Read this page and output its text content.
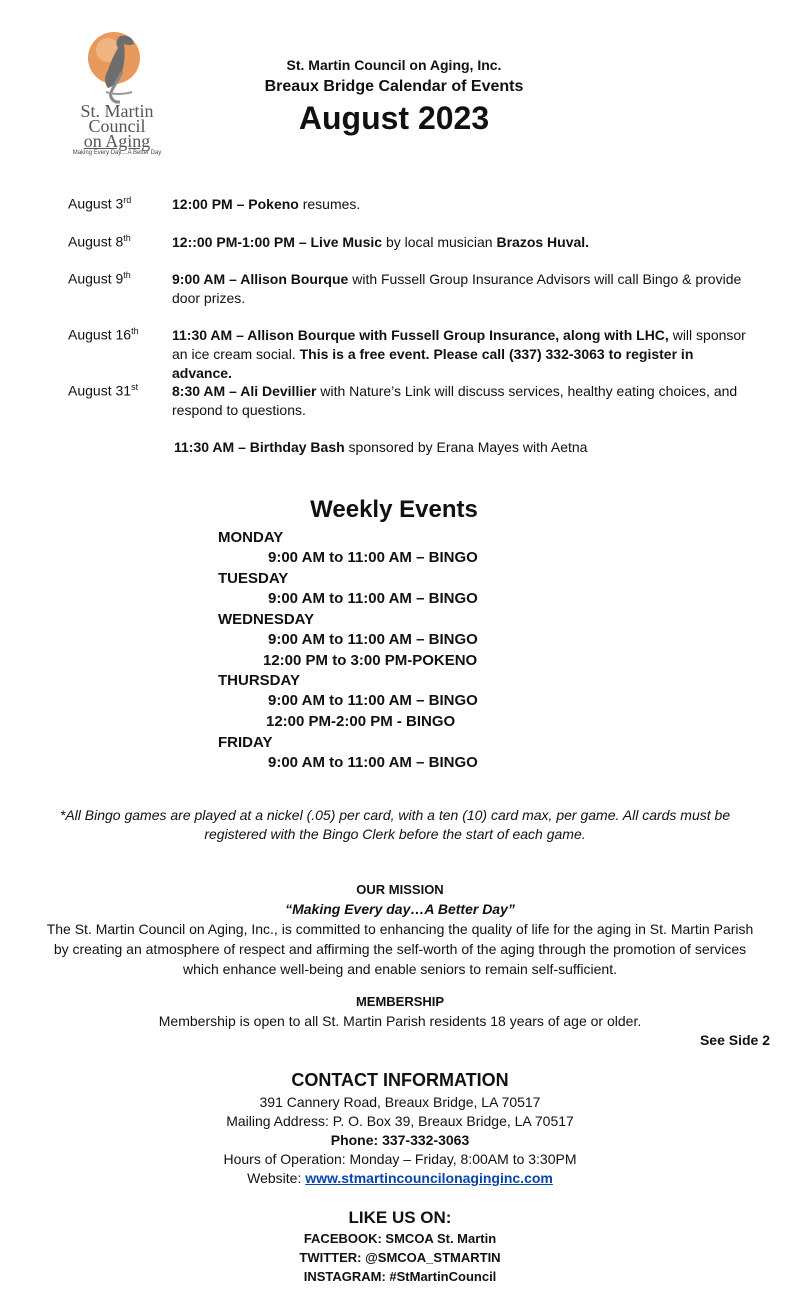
St. Martin
Council
on Aging
Making Every Day....A Better Day
St. Martin Council on Aging, Inc.
Breaux Bridge Calendar of Events
August 2023
August 3rd	12:00 PM – Pokeno resumes.
August 8th	12::00 PM-1:00 PM – Live Music by local musician Brazos Huval.
August 9th	9:00 AM – Allison Bourque with Fussell Group Insurance Advisors will call Bingo & provide door prizes.
August 16th 11:30 AM – Allison Bourque with Fussell Group Insurance, along with LHC, will sponsor an ice cream social. This is a free event. Please call (337) 332-3063 to register in advance.
August 31st 8:30 AM – Ali Devillier with Nature’s Link will discuss services, healthy eating choices, and respond to questions.
11:30 AM – Birthday Bash sponsored by Erana Mayes with Aetna
Weekly Events
MONDAY
9:00 AM to 11:00 AM – BINGO
TUESDAY
9:00 AM to 11:00 AM – BINGO
WEDNESDAY
9:00 AM to 11:00 AM – BINGO
12:00 PM to 3:00 PM-POKENO
THURSDAY
9:00 AM to 11:00 AM – BINGO
12:00 PM-2:00 PM - BINGO
FRIDAY
9:00 AM to 11:00 AM – BINGO
*All Bingo games are played at a nickel (.05) per card, with a ten (10) card max, per game. All cards must be registered with the Bingo Clerk before the start of each game.
OUR MISSION
“Making Every day…A Better Day”
The St. Martin Council on Aging, Inc., is committed to enhancing the quality of life for the aging in St. Martin Parish by creating an atmosphere of respect and affirming the self-worth of the aging through the promotion of services which enhance well-being and enable seniors to remain self-sufficient.
MEMBERSHIP
Membership is open to all St. Martin Parish residents 18 years of age or older.
See Side 2
CONTACT INFORMATION
391 Cannery Road, Breaux Bridge, LA 70517
Mailing Address: P. O. Box 39, Breaux Bridge, LA 70517
Phone: 337-332-3063
Hours of Operation: Monday – Friday, 8:00AM to 3:30PM
Website: www.stmartincouncilonaginginc.com
LIKE US ON:
FACEBOOK: SMCOA St. Martin
TWITTER: @SMCOA_STMARTIN
INSTAGRAM: #StMartinCouncil
